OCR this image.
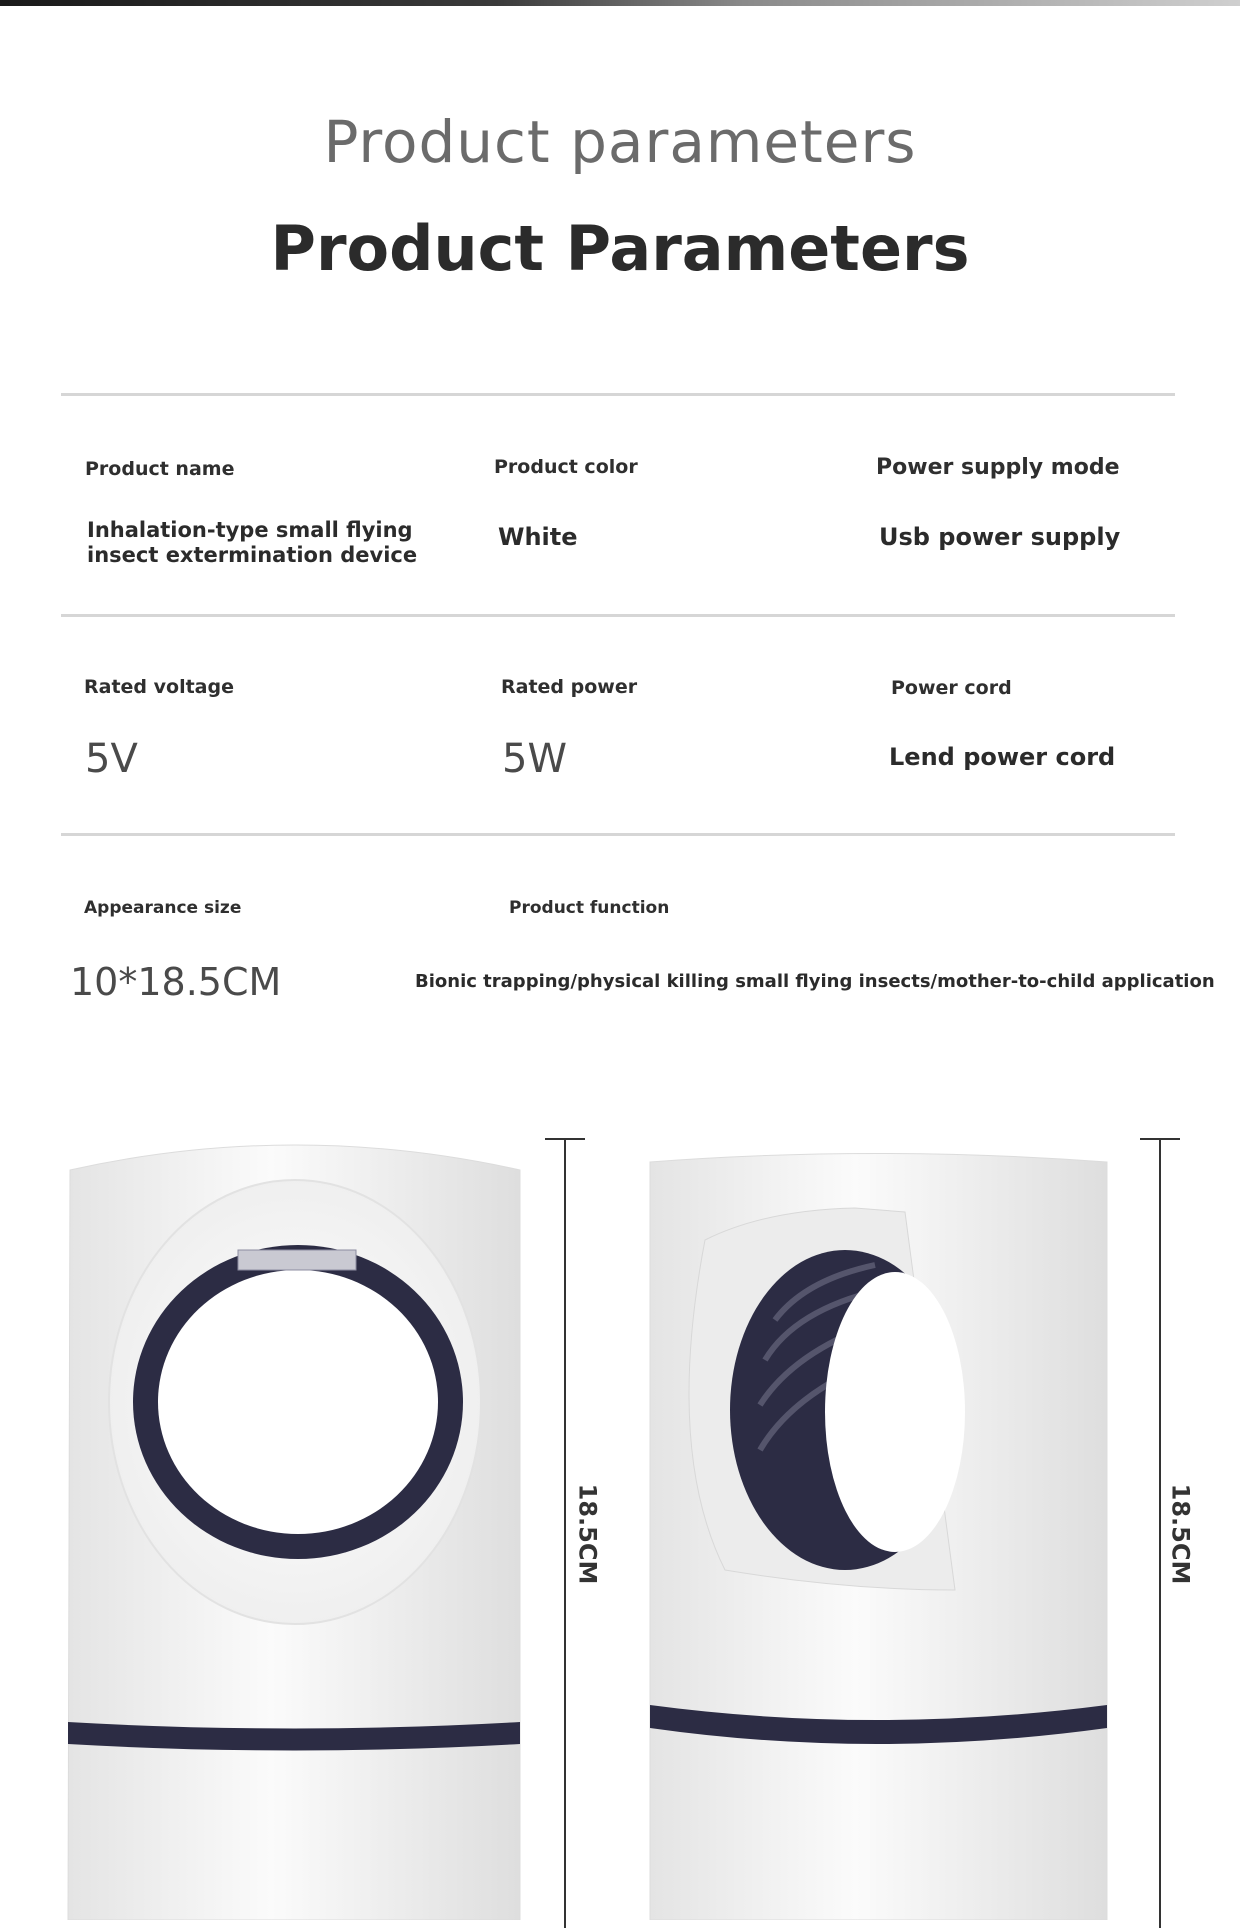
Product parameters
Product Parameters
Product name
Inhalation-type small flying insect extermination device
Product color
White
Power supply mode
Usb power supply
Rated voltage
5V
Rated power
5W
Power cord
Lend power cord
Appearance size
10*18.5CM
Product function
Bionic trapping/physical killing small flying insects/mother-to-child application
18.5CM	18.5CM
